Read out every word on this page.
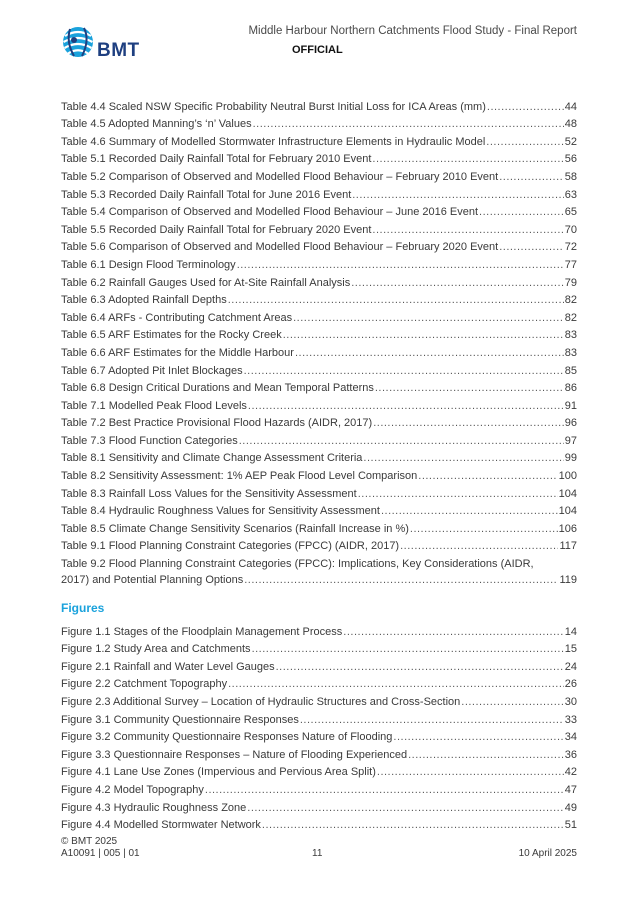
BMT
Middle Harbour Northern Catchments Flood Study - Final Report
OFFICIAL
Table 4.4 Scaled NSW Specific Probability Neutral Burst Initial Loss for ICA Areas (mm) .....	44
Table 4.5 Adopted Manning’s ‘n’ Values .....	48
Table 4.6 Summary of Modelled Stormwater Infrastructure Elements in Hydraulic Model .....	52
Table 5.1 Recorded Daily Rainfall Total for February 2010 Event .....	56
Table 5.2 Comparison of Observed and Modelled Flood Behaviour – February 2010 Event .....	58
Table 5.3 Recorded Daily Rainfall Total for June 2016 Event .....	63
Table 5.4 Comparison of Observed and Modelled Flood Behaviour – June 2016 Event .....	65
Table 5.5 Recorded Daily Rainfall Total for February 2020 Event .....	70
Table 5.6 Comparison of Observed and Modelled Flood Behaviour – February 2020 Event .....	72
Table 6.1 Design Flood Terminology .....	77
Table 6.2 Rainfall Gauges Used for At-Site Rainfall Analysis .....	79
Table 6.3 Adopted Rainfall Depths .....	82
Table 6.4 ARFs - Contributing Catchment Areas .....	82
Table 6.5 ARF Estimates for the Rocky Creek .....	83
Table 6.6 ARF Estimates for the Middle Harbour .....	83
Table 6.7 Adopted Pit Inlet Blockages .....	85
Table 6.8 Design Critical Durations and Mean Temporal Patterns .....	86
Table 7.1 Modelled Peak Flood Levels .....	91
Table 7.2 Best Practice Provisional Flood Hazards (AIDR, 2017) .....	96
Table 7.3 Flood Function Categories .....	97
Table 8.1 Sensitivity and Climate Change Assessment Criteria .....	99
Table 8.2 Sensitivity Assessment: 1% AEP Peak Flood Level Comparison .....	100
Table 8.3 Rainfall Loss Values for the Sensitivity Assessment .....	104
Table 8.4 Hydraulic Roughness Values for Sensitivity Assessment .....	104
Table 8.5 Climate Change Sensitivity Scenarios (Rainfall Increase in %) .....	106
Table 9.1 Flood Planning Constraint Categories (FPCC) (AIDR, 2017) .....	117
Table 9.2 Flood Planning Constraint Categories (FPCC): Implications, Key Considerations (AIDR,
2017) and Potential Planning Options .....	119
Figures
Figure 1.1 Stages of the Floodplain Management Process .....	14
Figure 1.2 Study Area and Catchments .....	15
Figure 2.1 Rainfall and Water Level Gauges .....	24
Figure 2.2 Catchment Topography .....	26
Figure 2.3 Additional Survey – Location of Hydraulic Structures and Cross-Section .....	30
Figure 3.1 Community Questionnaire Responses .....	33
Figure 3.2 Community Questionnaire Responses Nature of Flooding .....	34
Figure 3.3 Questionnaire Responses – Nature of Flooding Experienced .....	36
Figure 4.1 Lane Use Zones (Impervious and Pervious Area Split) .....	42
Figure 4.2 Model Topography .....	47
Figure 4.3 Hydraulic Roughness Zone .....	49
Figure 4.4 Modelled Stormwater Network .....	51
© BMT 2025
A10091 | 005 | 01	11	10 April 2025
